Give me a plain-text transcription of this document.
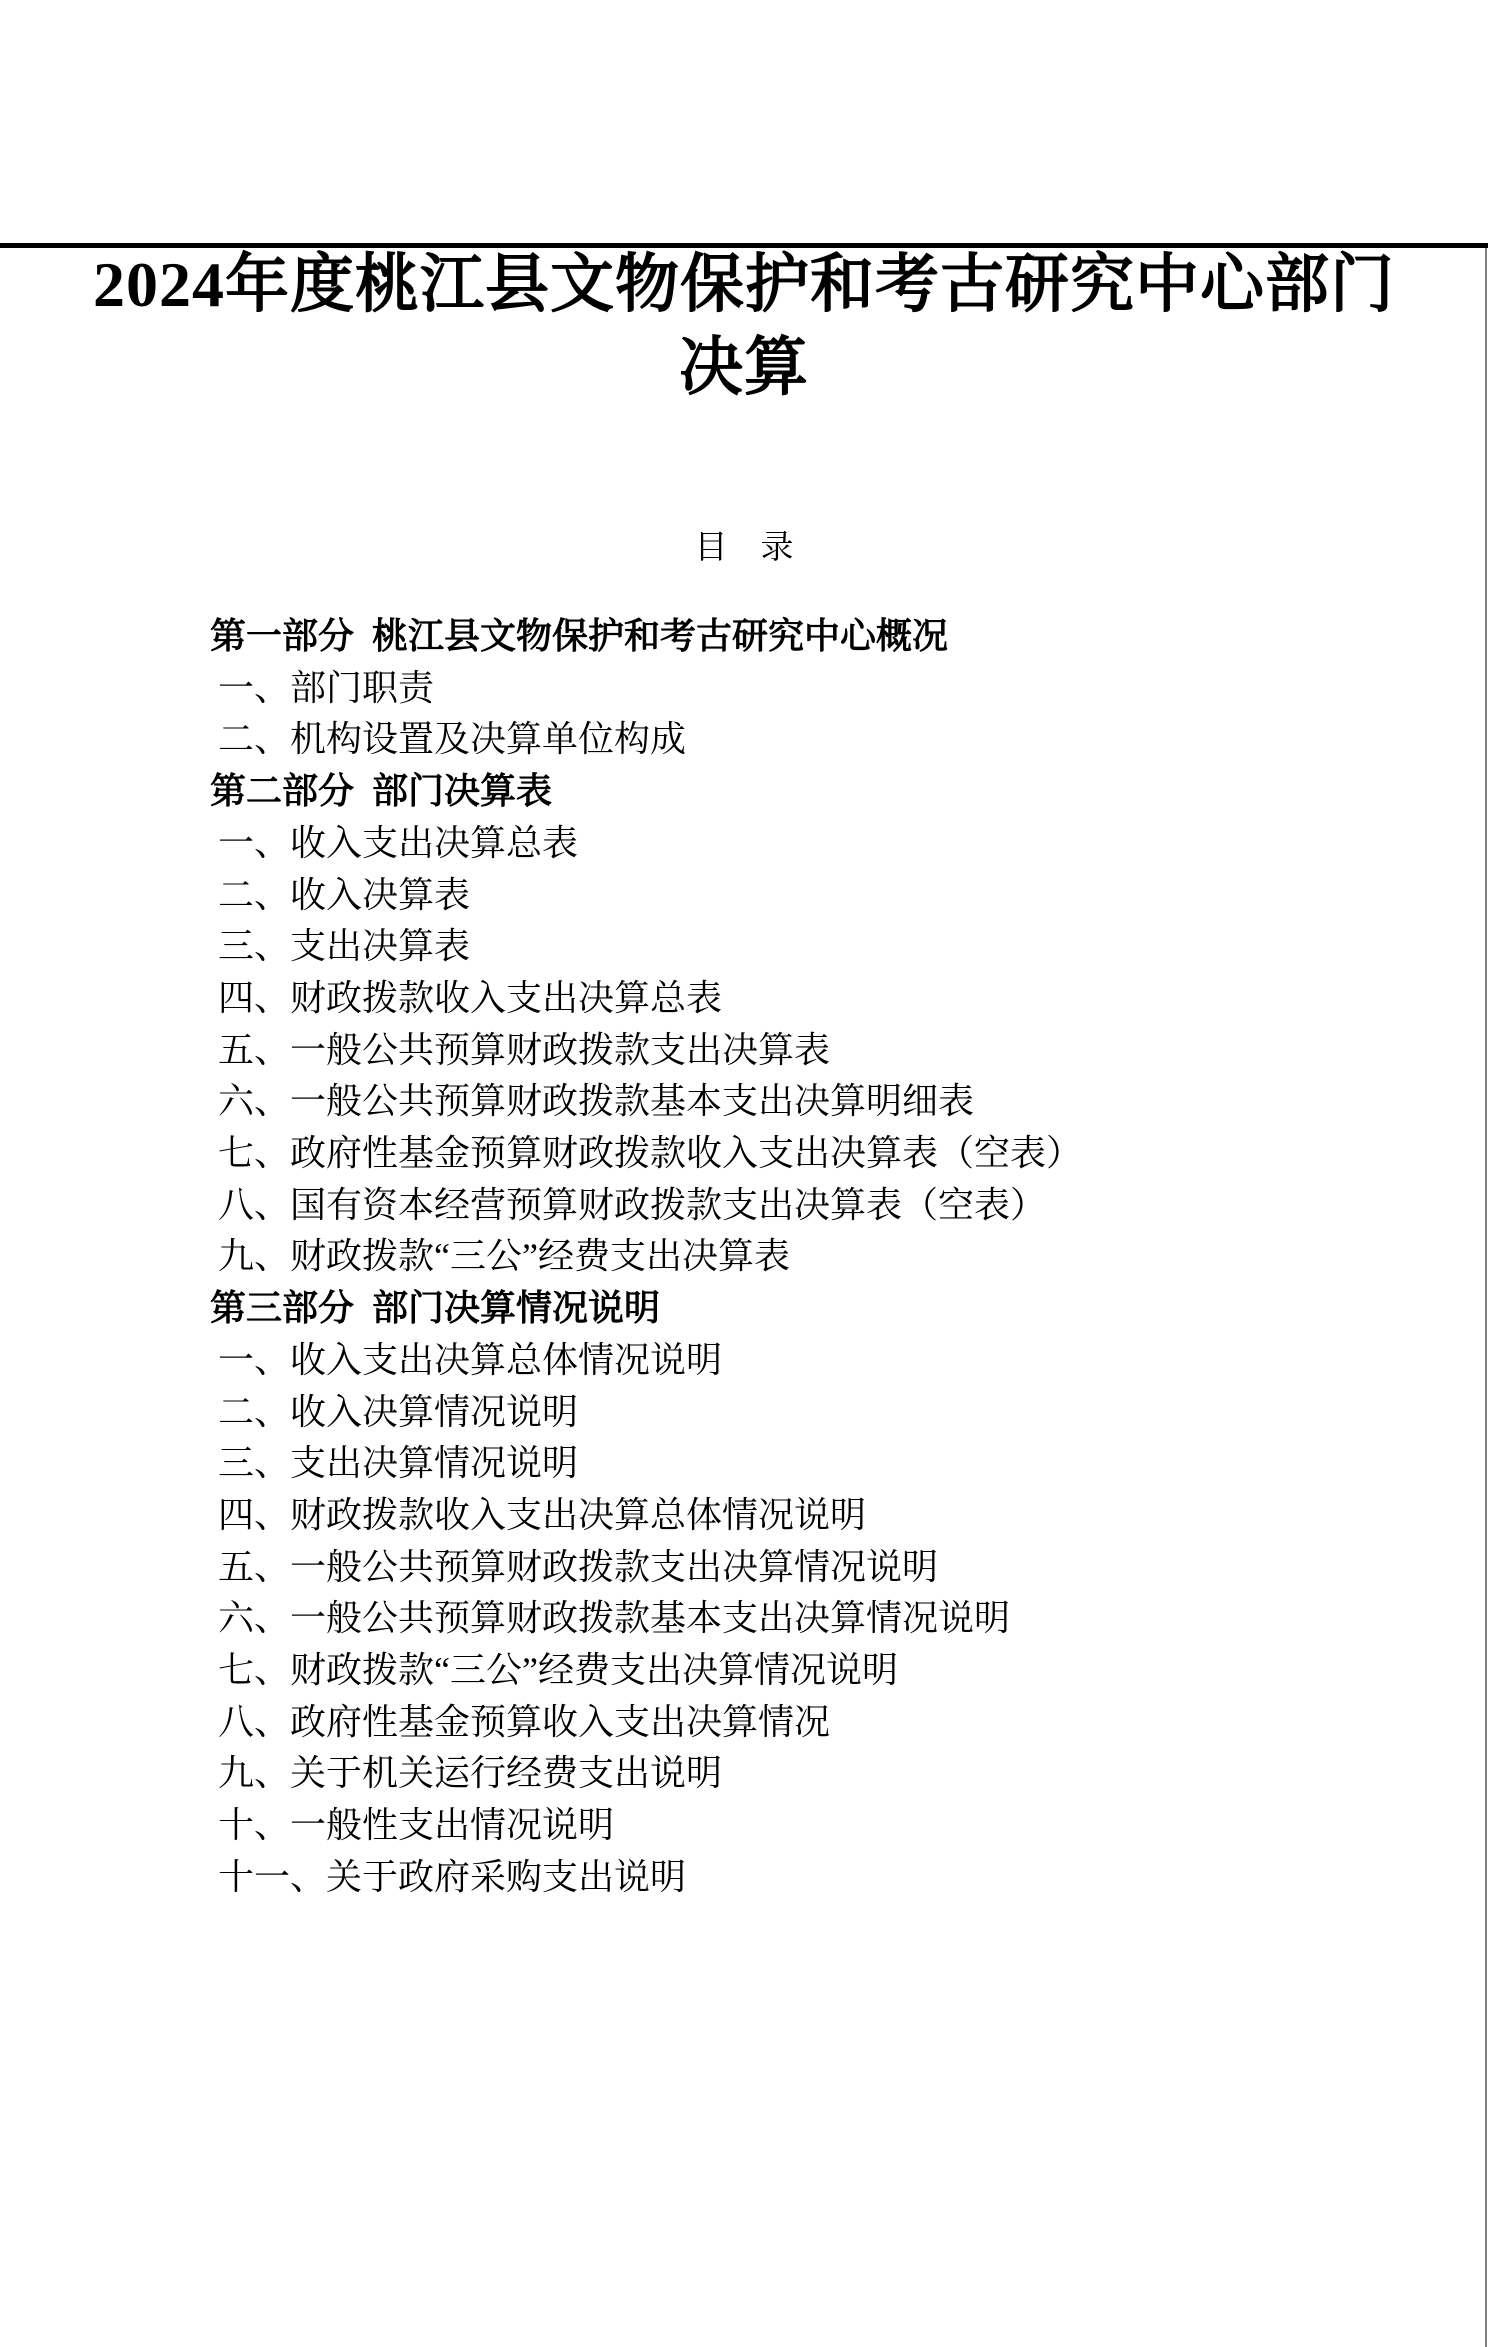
2024年度桃江县文物保护和考古研究中心部门
决算
目　录
第一部分 桃江县文物保护和考古研究中心概况
一、部门职责
二、机构设置及决算单位构成
第二部分 部门决算表
一、收入支出决算总表
二、收入决算表
三、支出决算表
四、财政拨款收入支出决算总表
五、一般公共预算财政拨款支出决算表
六、一般公共预算财政拨款基本支出决算明细表
七、政府性基金预算财政拨款收入支出决算表（空表）
八、国有资本经营预算财政拨款支出决算表（空表）
九、财政拨款“三公”经费支出决算表
第三部分 部门决算情况说明
一、收入支出决算总体情况说明
二、收入决算情况说明
三、支出决算情况说明
四、财政拨款收入支出决算总体情况说明
五、一般公共预算财政拨款支出决算情况说明
六、一般公共预算财政拨款基本支出决算情况说明
七、财政拨款“三公”经费支出决算情况说明
八、政府性基金预算收入支出决算情况
九、关于机关运行经费支出说明
十、一般性支出情况说明
十一、关于政府采购支出说明
